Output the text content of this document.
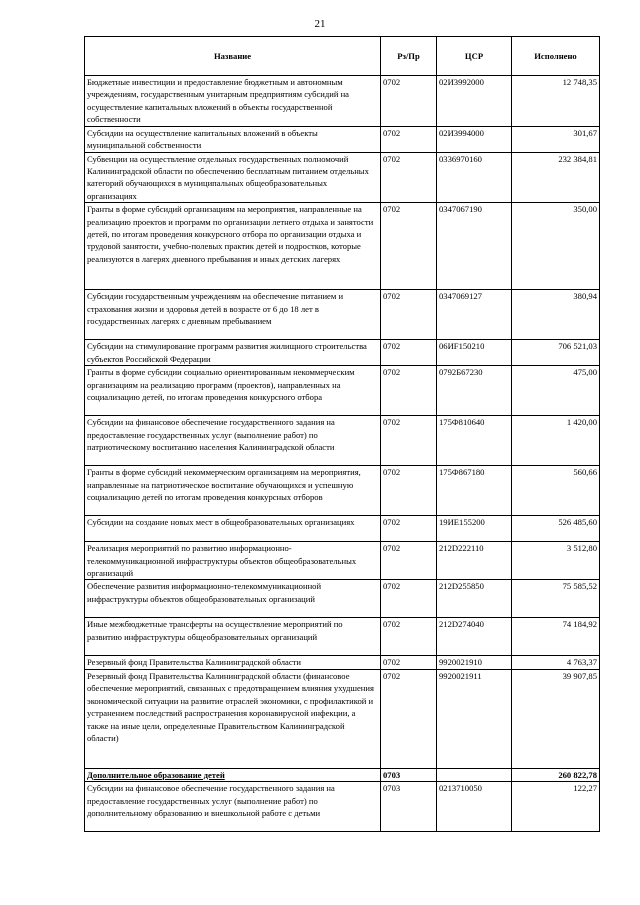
21
Название	Рз/Пр	ЦСР	Исполнено
Бюджетные инвестиции и предоставление бюджетным и автономным учреждениям, государственным унитарным предприятиям субсидий на осуществление капитальных вложений в объекты государственной собственности	0702	02И3992000	12 748,35
Субсидии на осуществление капитальных вложений в объекты муниципальной собственности	0702	02И3994000	301,67
Субвенции на осуществление отдельных государственных полномочий Калининградской области по обеспечению бесплатным питанием отдельных категорий обучающихся в муниципальных общеобразовательных организациях	0702	0336970160	232 384,81
Гранты в форме субсидий организациям на мероприятия, направленные на реализацию проектов и программ по организации летнего отдыха и занятости детей, по итогам проведения конкурсного отбора по организации отдыха и трудовой занятости, учебно-полевых практик детей и подростков, которые реализуются в лагерях дневного пребывания и иных детских лагерях	0702	0347067190	350,00
Субсидии государственным учреждениям на обеспечение питанием и страхования жизни и здоровья детей в возрасте от 6 до 18 лет в государственных лагерях с дневным пребыванием	0702	0347069127	380,94
Субсидии на стимулирование программ развития жилищного строительства субъектов Российской Федерации	0702	06ИF150210	706 521,03
Гранты в форме субсидии социально ориентированным некоммерческим организациям на реализацию программ (проектов), направленных на социализацию детей, по итогам проведения конкурсного отбора	0702	0792Б67230	475,00
Субсидии на финансовое обеспечение государственного задания на предоставление государственных услуг (выполнение работ) по патриотическому воспитанию населения Калининградской области	0702	175Ф810640	1 420,00
Гранты в форме субсидий некоммерческим организациям на мероприятия, направленные на патриотическое воспитание обучающихся и успешную социализацию детей по итогам проведения конкурсных отборов	0702	175Ф867180	560,66
Субсидии на создание новых мест в общеобразовательных организациях	0702	19ИЕ155200	526 485,60
Реализация мероприятий по развитию информационно-телекоммуникационной инфраструктуры объектов общеобразовательных организаций	0702	212D222110	3 512,80
Обеспечение развития информационно-телекоммуникационной инфраструктуры объектов общеобразовательных организаций	0702	212D255850	75 585,52
Иные межбюджетные трансферты на осуществление мероприятий по развитию инфраструктуры общеобразовательных организаций	0702	212D274040	74 184,92
Резервный фонд Правительства Калининградской области	0702	9920021910	4 763,37
Резервный фонд Правительства Калининградской области (финансовое обеспечение мероприятий, связанных с предотвращением влияния ухудшения экономической ситуации на развитие отраслей экономики, с профилактикой и устранением последствий распространения коронавирусной инфекции, а также на иные цели, определенные Правительством Калининградской области)	0702	9920021911	39 907,85
Дополнительное образование детей	0703		260 822,78
Субсидии на финансовое обеспечение государственного задания на предоставление государственных услуг (выполнение работ) по дополнительному образованию и внешкольной работе с детьми	0703	0213710050	122,27
